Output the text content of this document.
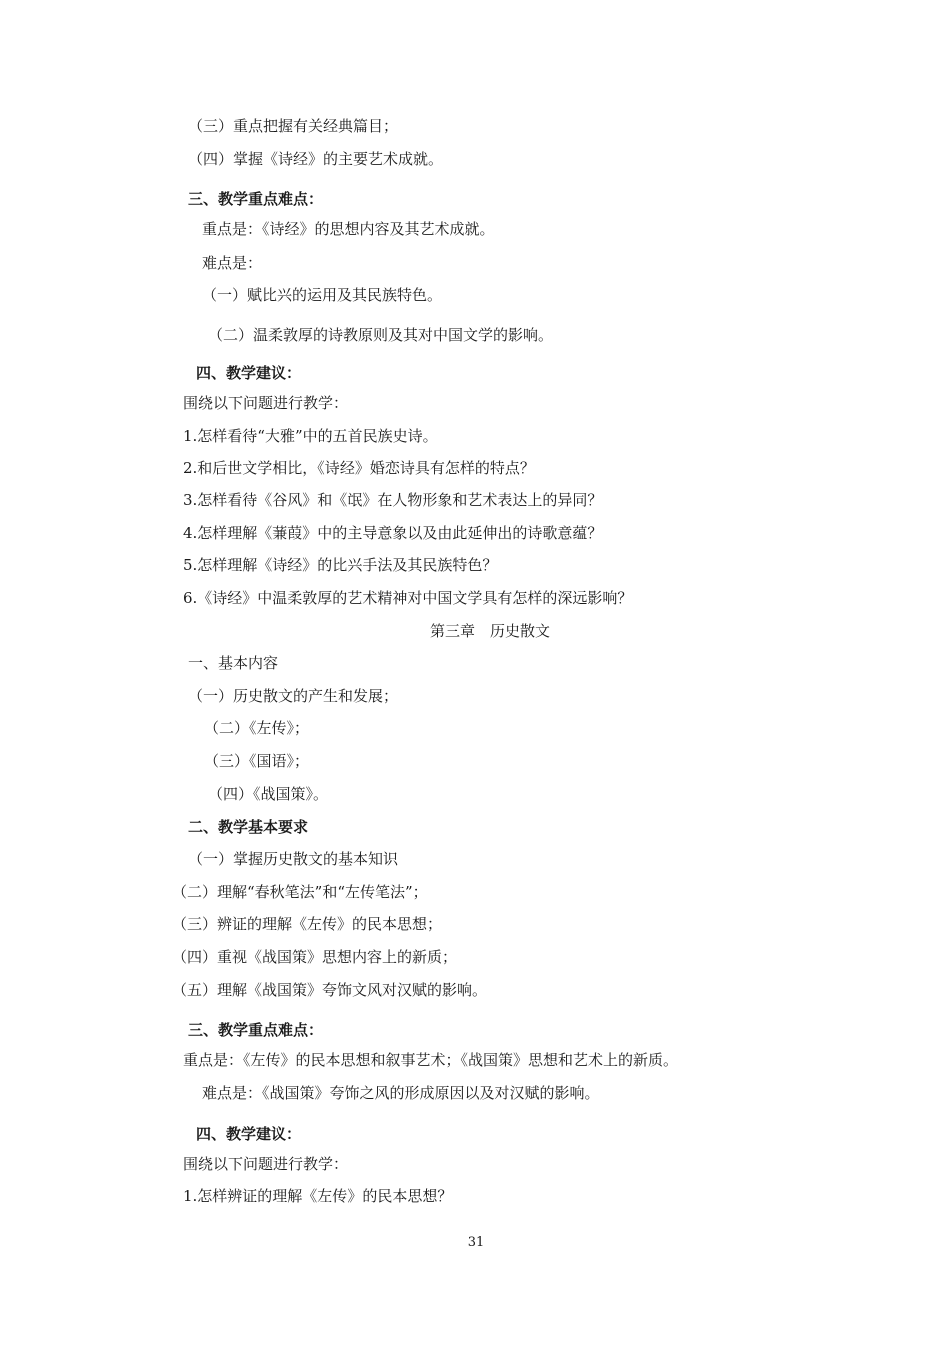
（三）重点把握有关经典篇目；

（四）掌握《诗经》的主要艺术成就。

三、教学重点难点：

重点是：《诗经》的思想内容及其艺术成就。

难点是：

（一）赋比兴的运用及其民族特色。

（二）温柔敦厚的诗教原则及其对中国文学的影响。

四、教学建议：

围绕以下问题进行教学：

1.怎样看待“大雅”中的五首民族史诗。

2.和后世文学相比，《诗经》婚恋诗具有怎样的特点？

3.怎样看待《谷风》和《氓》在人物形象和艺术表达上的异同？

4.怎样理解《蒹葭》中的主导意象以及由此延伸出的诗歌意蕴？

5.怎样理解《诗经》的比兴手法及其民族特色？

6.《诗经》中温柔敦厚的艺术精神对中国文学具有怎样的深远影响？

第三章　历史散文

一、基本内容

（一）历史散文的产生和发展；

（二）《左传》；

（三）《国语》；

（四）《战国策》。

二、教学基本要求

（一）掌握历史散文的基本知识

（二）理解“春秋笔法”和“左传笔法”；

（三）辨证的理解《左传》的民本思想；

（四）重视《战国策》思想内容上的新质；

（五）理解《战国策》夸饰文风对汉赋的影响。

三、教学重点难点：

重点是：《左传》的民本思想和叙事艺术；《战国策》思想和艺术上的新质。

难点是：《战国策》夸饰之风的形成原因以及对汉赋的影响。

四、教学建议：

围绕以下问题进行教学：

1.怎样辨证的理解《左传》的民本思想？

31
